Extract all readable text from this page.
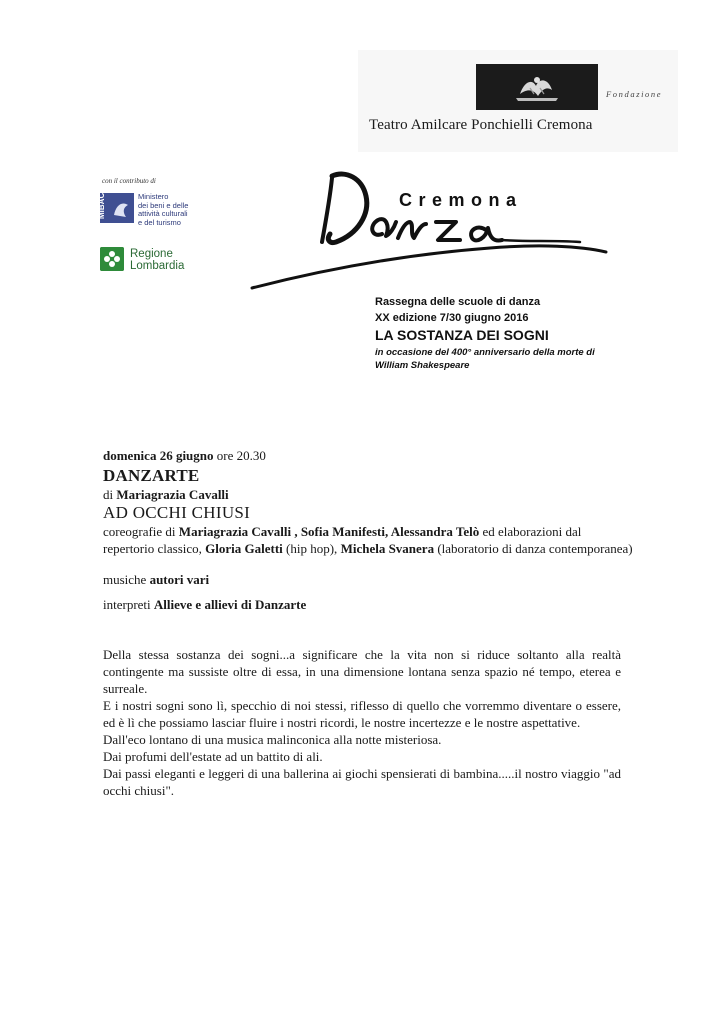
Fondazione
Teatro Amilcare Ponchielli Cremona
con il contributo di
MiBAC	Ministero
dei beni e delle
attività culturali
e del turismo
Regione
Lombardia
Cremona
Rassegna delle scuole di danza
XX edizione 7/30 giugno 2016
LA SOSTANZA DEI SOGNI
in occasione del 400° anniversario della morte di William Shakespeare
domenica 26 giugno ore 20.30
DANZARTE
di Mariagrazia Cavalli
AD OCCHI CHIUSI
coreografie di Mariagrazia Cavalli , Sofia Manifesti, Alessandra Telò ed elaborazioni dal repertorio classico, Gloria Galetti (hip hop), Michela Svanera (laboratorio di danza contemporanea)
musiche autori vari
interpreti Allieve e allievi di Danzarte

Della stessa sostanza dei sogni...a significare che la vita non si riduce soltanto alla realtà contingente ma sussiste oltre di essa, in una dimensione lontana senza spazio né tempo, eterea e surreale.

E i nostri sogni sono lì, specchio di noi stessi, riflesso di quello che vorremmo diventare o essere, ed è lì che possiamo lasciar fluire i nostri ricordi, le nostre incertezze e le nostre aspettative.

Dall'eco lontano di una musica malinconica alla notte misteriosa.

Dai profumi dell'estate ad un battito di ali.

Dai passi eleganti e leggeri di una ballerina ai giochi spensierati di bambina.....il nostro viaggio "ad occhi chiusi".
